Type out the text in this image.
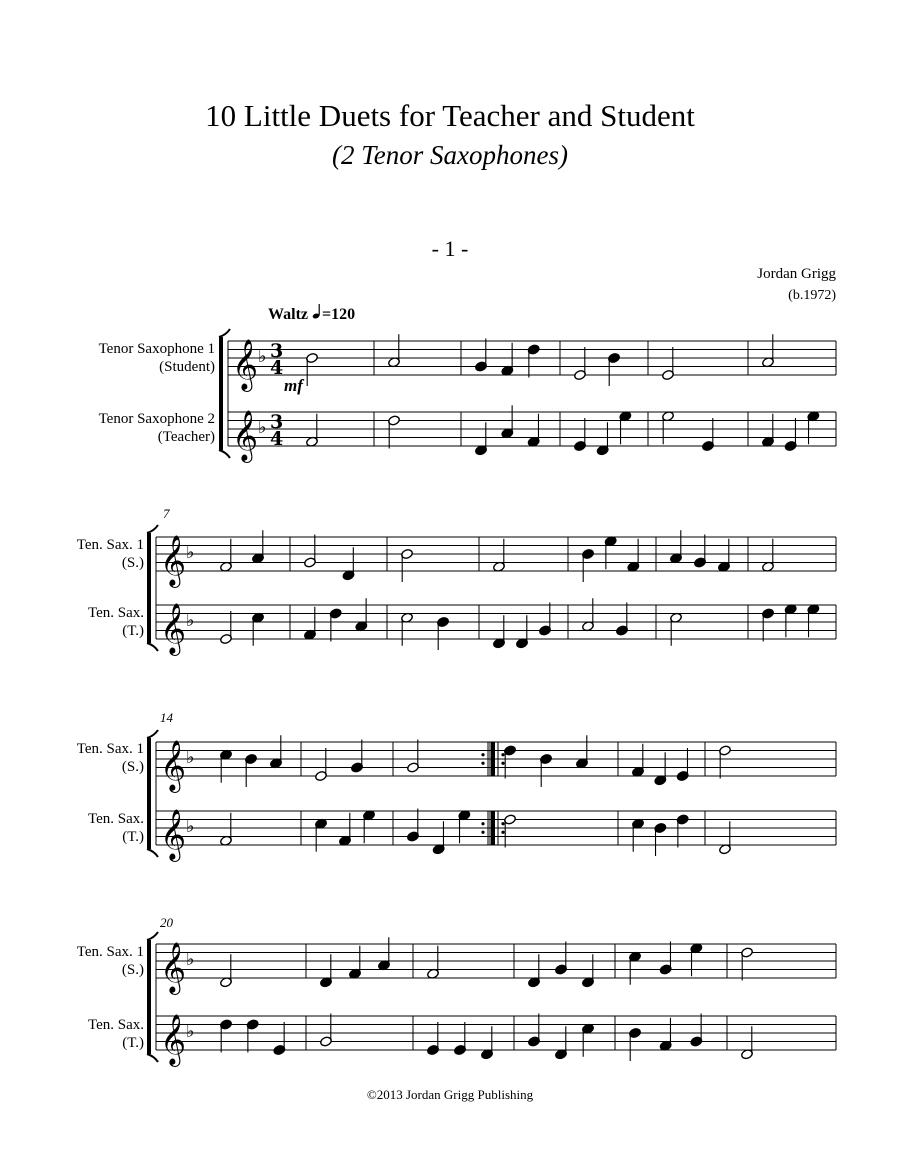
10 Little Duets for Teacher and Student
(2 Tenor Saxophones)
- 1 -
Jordan Grigg
(b.1972)
Waltz =120
Tenor Saxophone 1
(Student)
Tenor Saxophone 2
(Teacher)
mf
7
Ten. Sax. 1
(S.)
Ten. Sax.
(T.)
14
Ten. Sax. 1
(S.)
Ten. Sax.
(T.)
20
Ten. Sax. 1
(S.)
Ten. Sax.
(T.)
𝄞 ♭ 3
4
𝄞 ♭ 3
4
𝄞 ♭
𝄞 ♭
𝄞 ♭
𝄞 ♭
𝄞 ♭
𝄞 ♭
©2013 Jordan Grigg Publishing
